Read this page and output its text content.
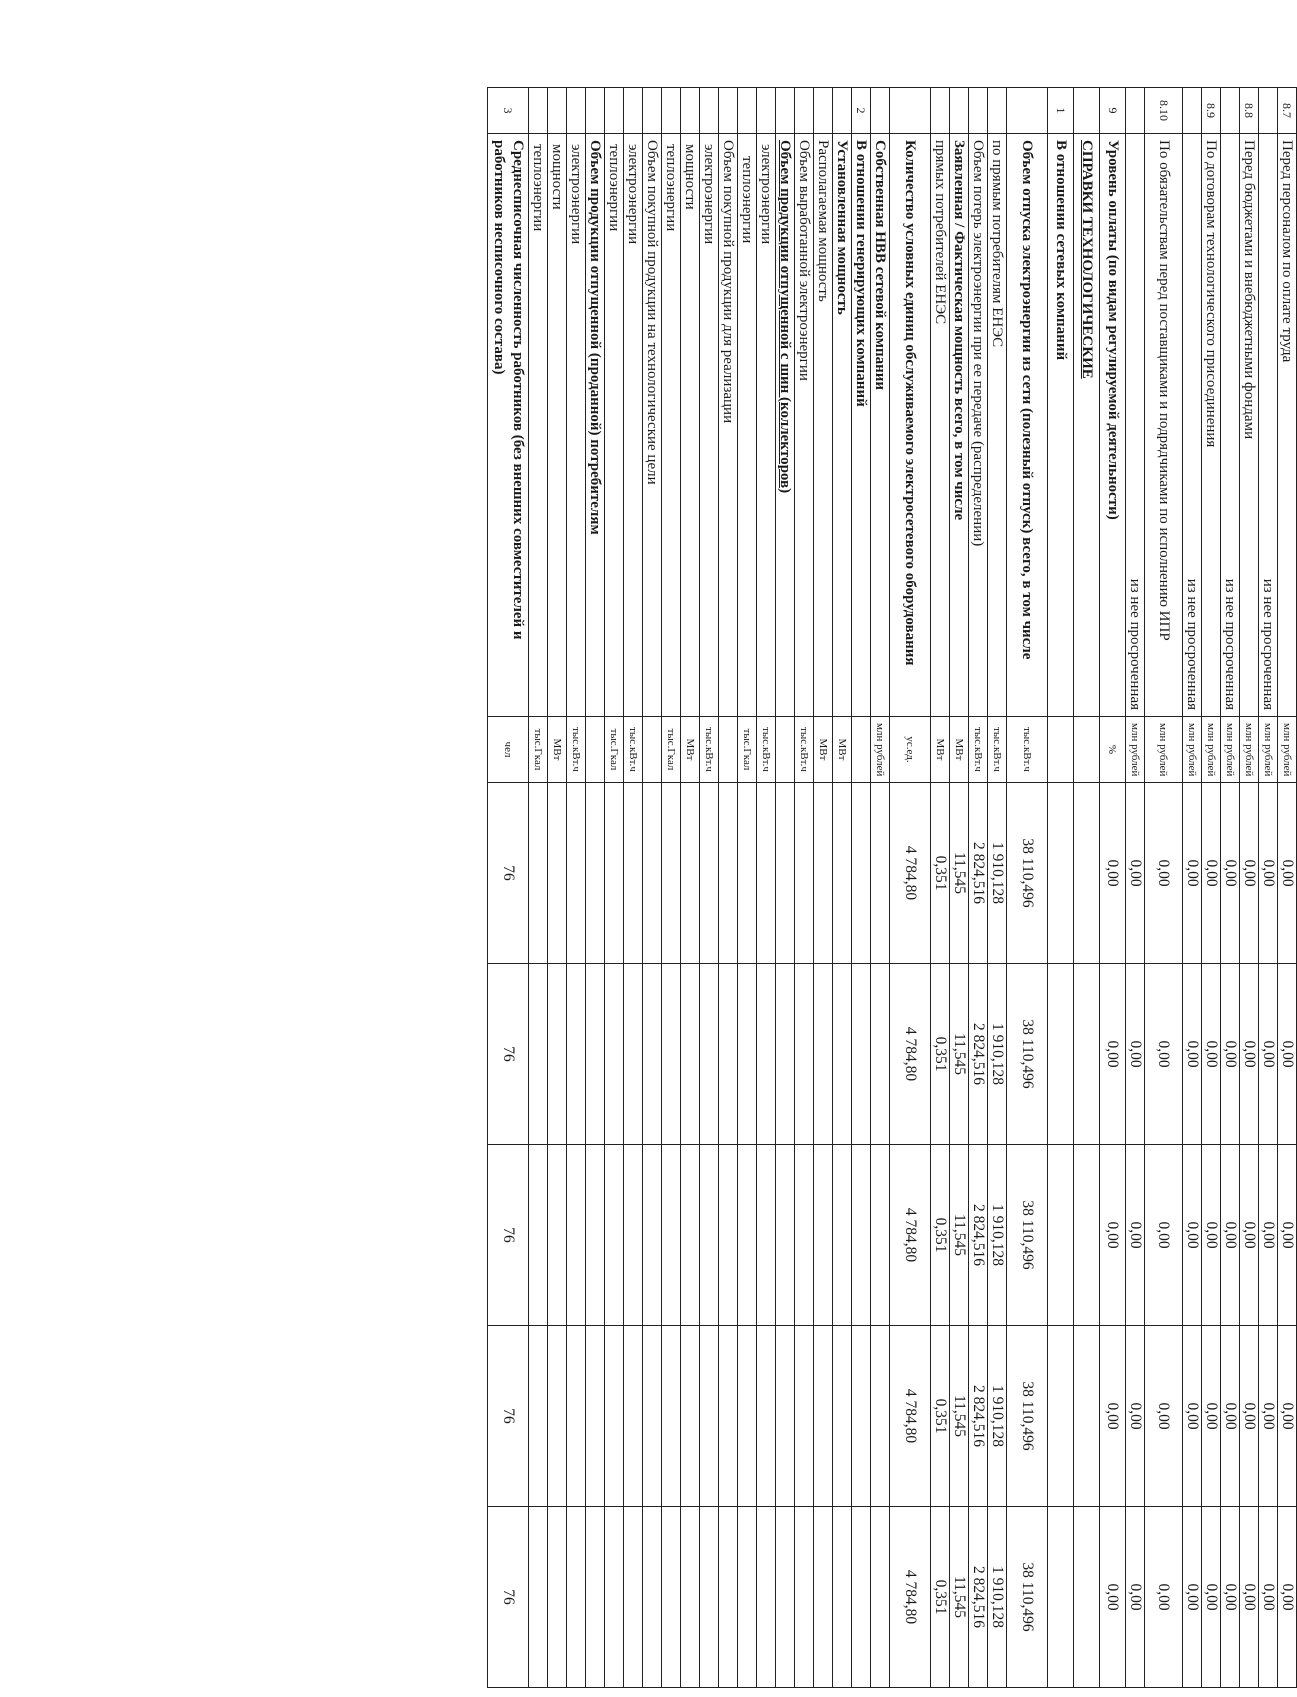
8.7	Перед персоналом по оплате труда	млн рублей	0,00	0,00	0,00	0,00	0,00
	из нее просроченная	млн рублей	0,00	0,00	0,00	0,00	0,00
8.8	Перед бюджетами и внебюджетными фондами	млн рублей	0,00	0,00	0,00	0,00	0,00
	из нее просроченная	млн рублей	0,00	0,00	0,00	0,00	0,00
8.9	По договорам технологического присоединения	млн рублей	0,00	0,00	0,00	0,00	0,00
	из нее просроченная	млн рублей	0,00	0,00	0,00	0,00	0,00
8.10	По обязательствам перед поставщиками и подрядчиками по исполнению ИПР	млн рублей	0,00	0,00	0,00	0,00	0,00
	из нее просроченная	млн рублей	0,00	0,00	0,00	0,00	0,00
9	Уровень оплаты (по видам регулируемой деятельности)	%	0,00	0,00	0,00	0,00	0,00
	СПРАВКИ ТЕХНОЛОГИЧЕСКИЕ						
1	В отношении сетевых компаний						
	Объем отпуска электроэнергии из сети (полезный отпуск) всего, в том числе	тыс.кВт.ч	38 110,496	38 110,496	38 110,496	38 110,496	38 110,496
	по прямым потребителям ЕНЭС	тыс.кВт.ч	1 910,128	1 910,128	1 910,128	1 910,128	1 910,128
	Объем потерь электроэнергии при ее передаче (распределении)	тыс.кВт.ч	2 824,516	2 824,516	2 824,516	2 824,516	2 824,516
	Заявленная / Фактическая мощность всего, в том числе	МВт	11,545	11,545	11,545	11,545	11,545
	прямых потребителей ЕНЭС	МВт	0,351	0,351	0,351	0,351	0,351
	Количество условных единиц обслуживаемого электросетевого оборудования	ус.ед.	4 784,80	4 784,80	4 784,80	4 784,80	4 784,80
	Собственная НВВ сетевой компании	млн рублей					
2	В отношении генерирующих компаний						
	Установленная мощность	МВт					
	Располагаемая мощность	МВт					
	Объем выработанной электроэнергии	тыс.кВт.ч					
	Объем продукции отпущенной с шин (коллекторов)						
	электроэнергии	тыс.кВт.ч					
	теплоэнергии	тыс.Гкал					
	Объем покупной продукции для реализации						
	электроэнергии	тыс.кВт.ч					
	мощности	МВт					
	теплоэнергии	тыс.Гкал					
	Объем покупной продукции на технологические цели						
	электроэнергии	тыс.кВт.ч					
	теплоэнергии	тыс.Гкал					
	Объем продукции отпущенной (проданной) потребителям						
	электроэнергии	тыс.кВт.ч					
	мощности	МВт					
	теплоэнергии	тыс.Гкал					
3	Среднесписочная численность работников (без внешних совместителей и работников несписочного состава)	чел	76	76	76	76	76
